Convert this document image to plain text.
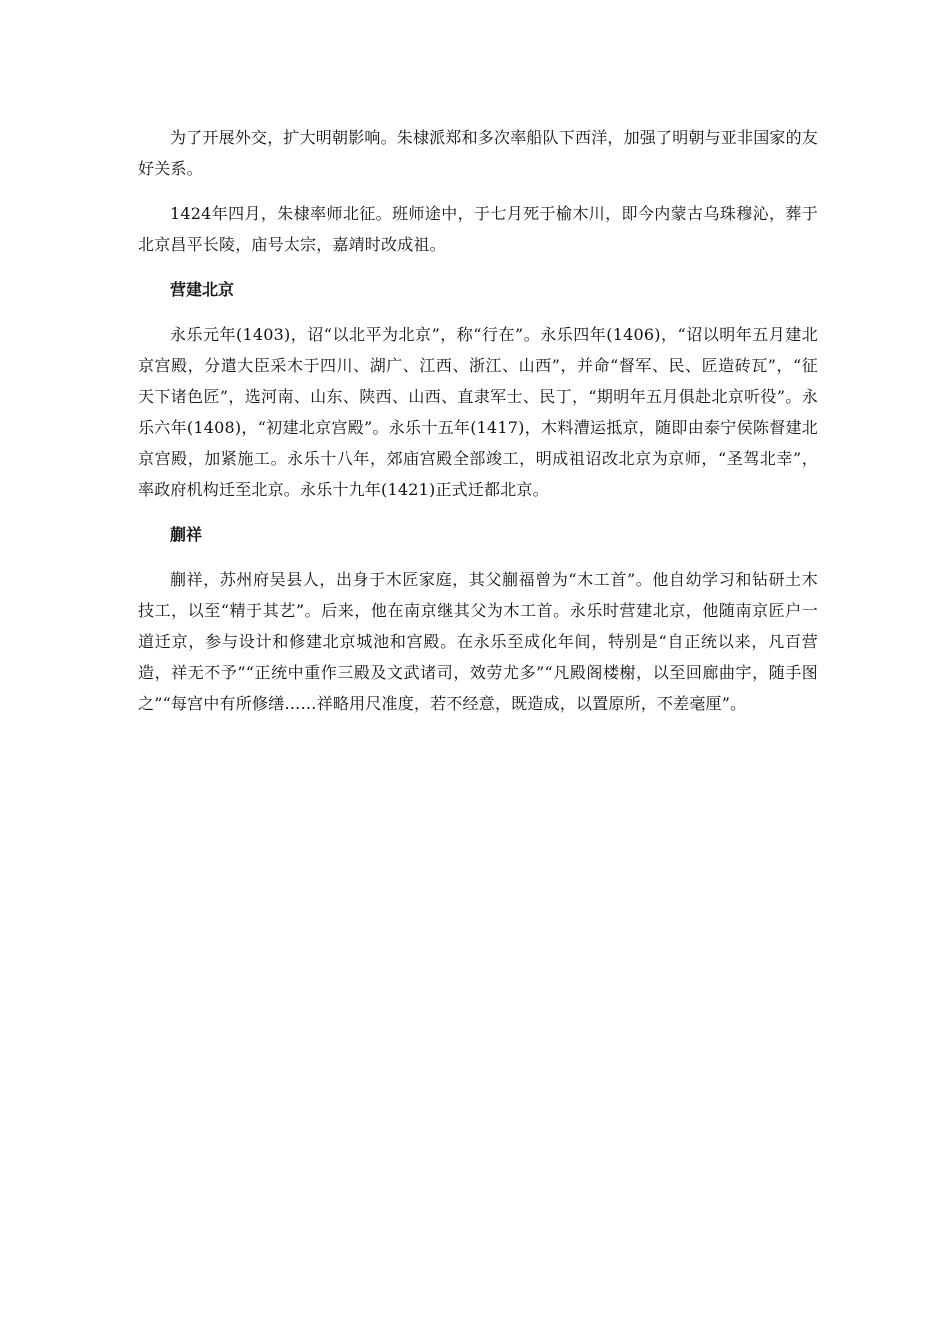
为了开展外交，扩大明朝影响。朱棣派郑和多次率船队下西洋，加强了明朝与亚非国家的友好关系。

1424年四月，朱棣率师北征。班师途中，于七月死于榆木川，即今内蒙古乌珠穆沁，葬于北京昌平长陵，庙号太宗，嘉靖时改成祖。

营建北京

永乐元年(1403)，诏“以北平为北京”，称“行在”。永乐四年(1406)，“诏以明年五月建北京宫殿，分遣大臣采木于四川、湖广、江西、浙江、山西”，并命“督军、民、匠造砖瓦”，“征天下诸色匠”，选河南、山东、陕西、山西、直隶军士、民丁，“期明年五月俱赴北京听役”。永乐六年(1408)，“初建北京宫殿”。永乐十五年(1417)，木料漕运抵京，随即由泰宁侯陈督建北京宫殿，加紧施工。永乐十八年，郊庙宫殿全部竣工，明成祖诏改北京为京师，“圣驾北幸”，率政府机构迁至北京。永乐十九年(1421)正式迁都北京。

蒯祥

蒯祥，苏州府吴县人，出身于木匠家庭，其父蒯福曾为“木工首”。他自幼学习和钻研土木技工，以至“精于其艺”。后来，他在南京继其父为木工首。永乐时营建北京，他随南京匠户一道迁京，参与设计和修建北京城池和宫殿。在永乐至成化年间，特别是“自正统以来，凡百营造，祥无不予”“正统中重作三殿及文武诸司，效劳尤多”“凡殿阁楼榭，以至回廊曲宇，随手图之”“每宫中有所修缮……祥略用尺准度，若不经意，既造成，以置原所，不差毫厘”。
